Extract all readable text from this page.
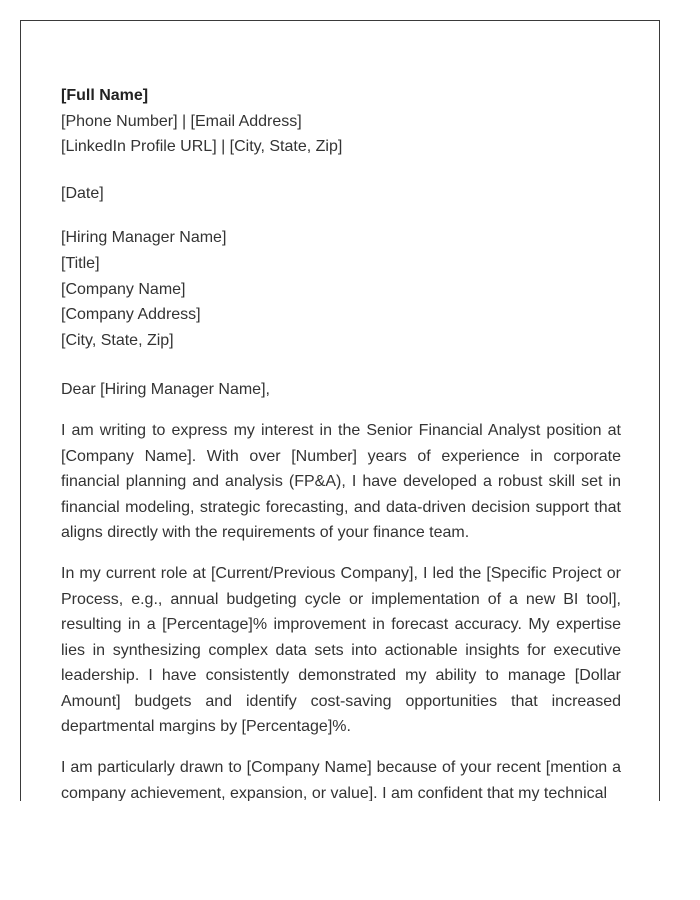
[Full Name]
[Phone Number] | [Email Address]
[LinkedIn Profile URL] | [City, State, Zip]
[Date]
[Hiring Manager Name]
[Title]
[Company Name]
[Company Address]
[City, State, Zip]
Dear [Hiring Manager Name],

I am writing to express my interest in the Senior Financial Analyst position at [Company Name]. With over [Number] years of experience in corporate financial planning and analysis (FP&A), I have developed a robust skill set in financial modeling, strategic forecasting, and data-driven decision support that aligns directly with the requirements of your finance team.

In my current role at [Current/Previous Company], I led the [Specific Project or Process, e.g., annual budgeting cycle or implementation of a new BI tool], resulting in a [Percentage]% improvement in forecast accuracy. My expertise lies in synthesizing complex data sets into actionable insights for executive leadership. I have consistently demonstrated my ability to manage [Dollar Amount] budgets and identify cost-saving opportunities that increased departmental margins by [Percentage]%.

I am particularly drawn to [Company Name] because of your recent [mention a company achievement, expansion, or value]. I am confident that my technical
